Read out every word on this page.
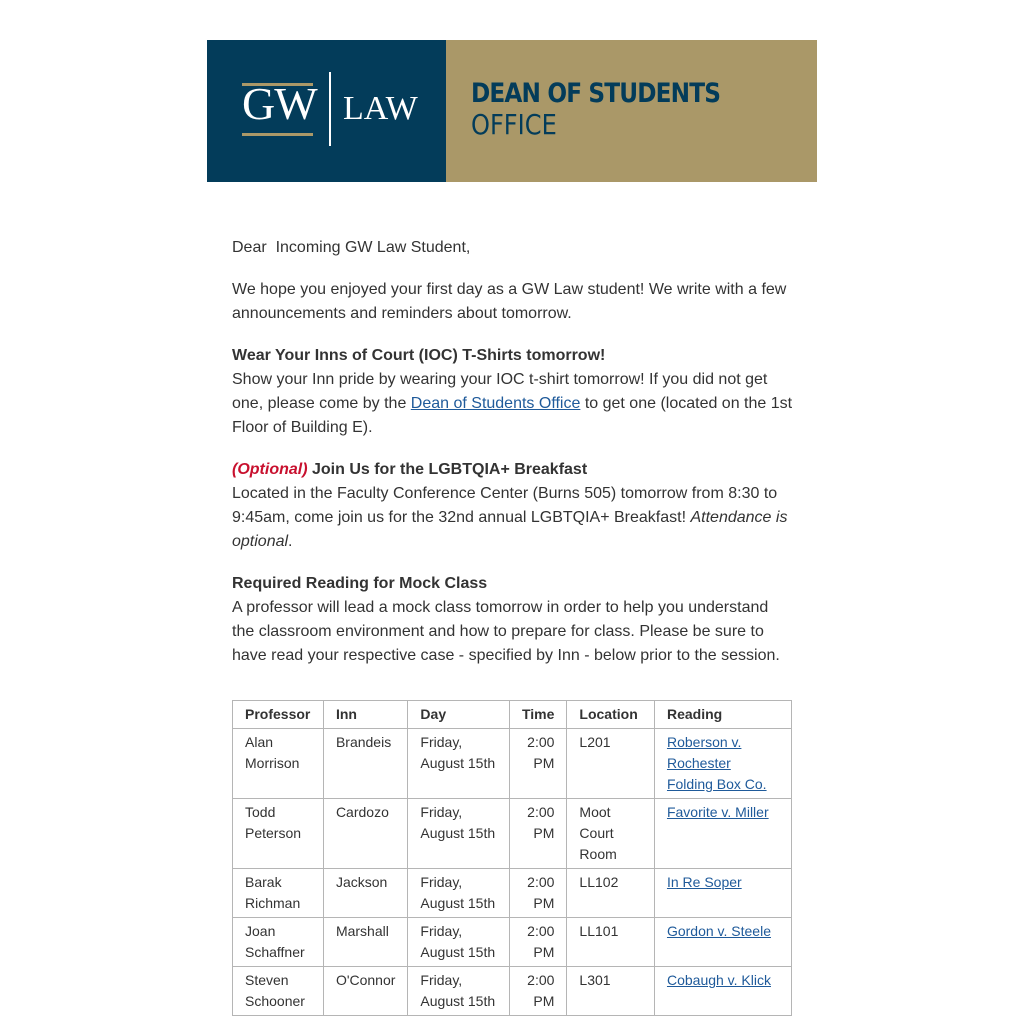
GW LAW DEAN OF STUDENTS
OFFICE

Dear  Incoming GW Law Student,

We hope you enjoyed your first day as a GW Law student! We write with a few announcements and reminders about tomorrow.

Wear Your Inns of Court (IOC) T-Shirts tomorrow!
Show your Inn pride by wearing your IOC t-shirt tomorrow! If you did not get one, please come by the Dean of Students Office to get one (located on the 1st Floor of Building E).

(Optional) Join Us for the LGBTQIA+ Breakfast
Located in the Faculty Conference Center (Burns 505) tomorrow from 8:30 to 9:45am, come join us for the 32nd annual LGBTQIA+ Breakfast! Attendance is optional.

Required Reading for Mock Class
A professor will lead a mock class tomorrow in order to help you understand the classroom environment and how to prepare for class. Please be sure to have read your respective case - specified by Inn - below prior to the session.

Professor	Inn	Day	Time	Location	Reading
Alan Morrison	Brandeis	Friday, August 15th	2:00 PM	L201	Roberson v. Rochester Folding Box Co.
Todd Peterson	Cardozo	Friday, August 15th	2:00 PM	Moot Court Room	Favorite v. Miller
Barak Richman	Jackson	Friday, August 15th	2:00 PM	LL102	In Re Soper
Joan Schaffner	Marshall	Friday, August 15th	2:00 PM	LL101	Gordon v. Steele
Steven Schooner	O'Connor	Friday, August 15th	2:00 PM	L301	Cobaugh v. Klick
